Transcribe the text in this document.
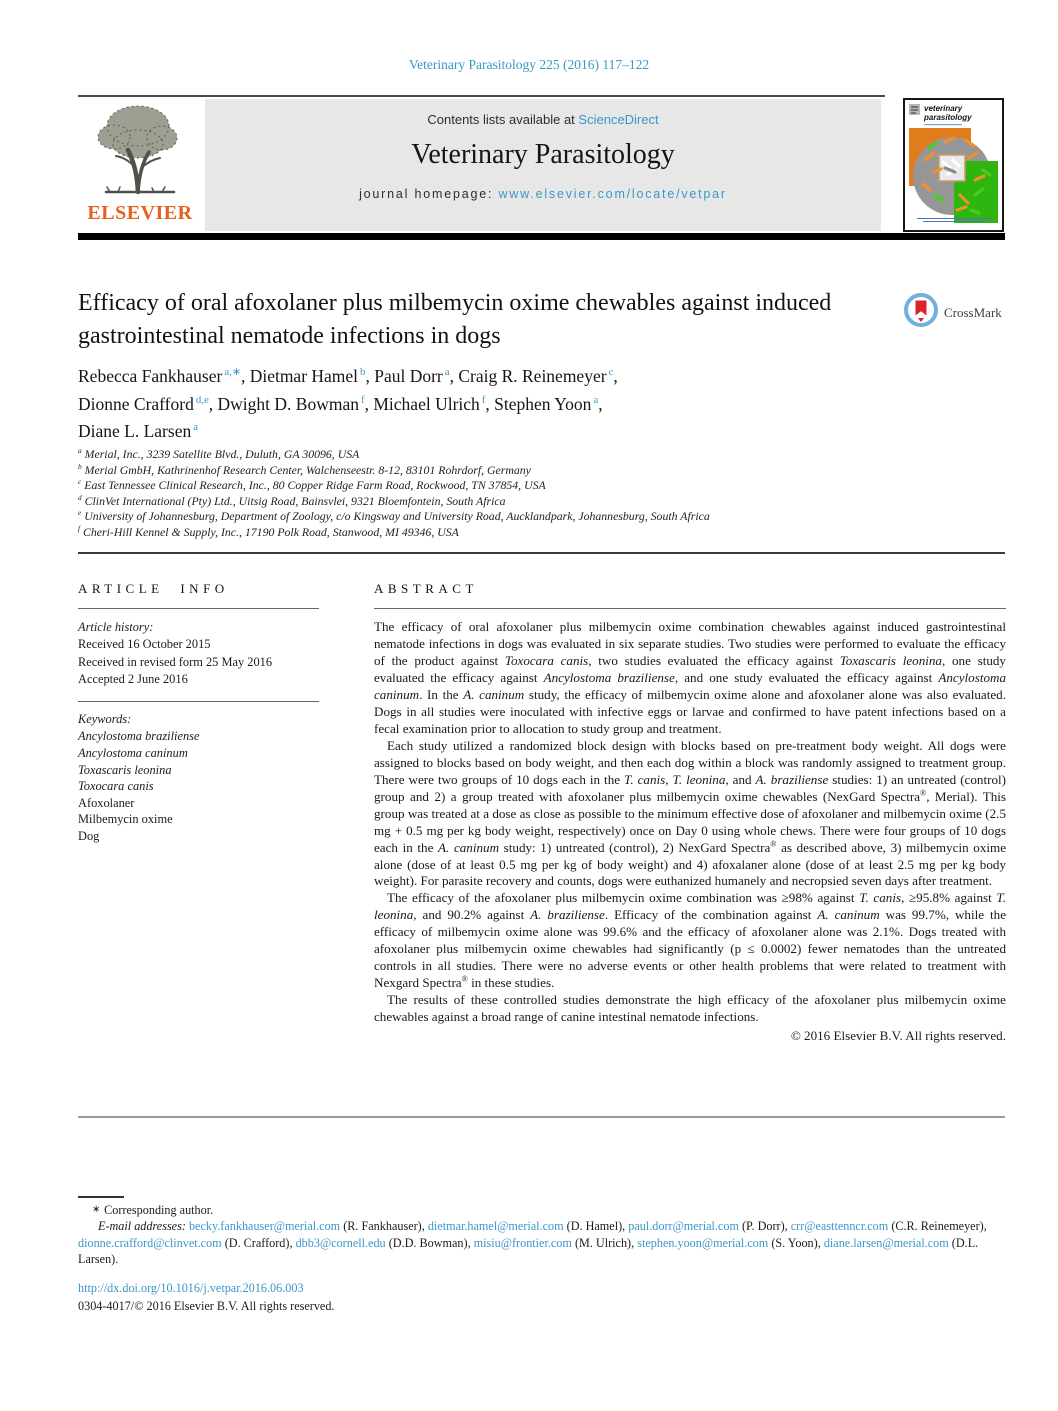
Veterinary Parasitology 225 (2016) 117–122
ELSEVIER
Contents lists available at ScienceDirect
Veterinary Parasitology
journal homepage: www.elsevier.com/locate/vetpar
veterinary
parasitology
Efficacy of oral afoxolaner plus milbemycin oxime chewables against induced gastrointestinal nematode infections in dogs
CrossMark
Rebecca Fankhauser $^{a,∗}$, Dietmar Hamel $^b$, Paul Dorr $^a$, Craig R. Reinemeyer $^c$,
Dionne Crafford $^{d,e}$, Dwight D. Bowman $^f$, Michael Ulrich $^f$, Stephen Yoon $^a$,
Diane L. Larsen $^a$
$^a$ Merial, Inc., 3239 Satellite Blvd., Duluth, GA 30096, USA
$^b$ Merial GmbH, Kathrinenhof Research Center, Walchenseestr. 8-12, 83101 Rohrdorf, Germany
$^c$ East Tennessee Clinical Research, Inc., 80 Copper Ridge Farm Road, Rockwood, TN 37854, USA
$^d$ ClinVet International (Pty) Ltd., Uitsig Road, Bainsvlei, 9321 Bloemfontein, South Africa
$^e$ University of Johannesburg, Department of Zoology, c/o Kingsway and University Road, Aucklandpark, Johannesburg, South Africa
$^f$ Cheri-Hill Kennel & Supply, Inc., 17190 Polk Road, Stanwood, MI 49346, USA
ARTICLE INFO
Article history:
Received 16 October 2015
Received in revised form 25 May 2016
Accepted 2 June 2016
Keywords:
Ancylostoma braziliense
Ancylostoma caninum
Toxascaris leonina
Toxocara canis
Afoxolaner
Milbemycin oxime
Dog
ABSTRACT

The efficacy of oral afoxolaner plus milbemycin oxime combination chewables against induced gastrointestinal nematode infections in dogs was evaluated in six separate studies. Two studies were performed to evaluate the efficacy of the product against Toxocara canis, two studies evaluated the efficacy against Toxascaris leonina, one study evaluated the efficacy against Ancylostoma braziliense, and one study evaluated the efficacy against Ancylostoma caninum. In the A. caninum study, the efficacy of milbemycin oxime alone and afoxolaner alone was also evaluated. Dogs in all studies were inoculated with infective eggs or larvae and confirmed to have patent infections based on a fecal examination prior to allocation to study group and treatment.

Each study utilized a randomized block design with blocks based on pre-treatment body weight. All dogs were assigned to blocks based on body weight, and then each dog within a block was randomly assigned to treatment group. There were two groups of 10 dogs each in the T. canis, T. leonina, and A. braziliense studies: 1) an untreated (control) group and 2) a group treated with afoxolaner plus milbemycin oxime chewables (NexGard Spectra®, Merial). This group was treated at a dose as close as possible to the minimum effective dose of afoxolaner and milbemycin oxime (2.5 mg + 0.5 mg per kg body weight, respectively) once on Day 0 using whole chews. There were four groups of 10 dogs each in the A. caninum study: 1) untreated (control), 2) NexGard Spectra® as described above, 3) milbemycin oxime alone (dose of at least 0.5 mg per kg of body weight) and 4) afoxalaner alone (dose of at least 2.5 mg per kg body weight). For parasite recovery and counts, dogs were euthanized humanely and necropsied seven days after treatment.

The efficacy of the afoxolaner plus milbemycin oxime combination was ≥98% against T. canis, ≥95.8% against T. leonina, and 90.2% against A. braziliense. Efficacy of the combination against A. caninum was 99.7%, while the efficacy of milbemycin oxime alone was 99.6% and the efficacy of afoxolaner alone was 2.1%. Dogs treated with afoxolaner plus milbemycin oxime chewables had significantly (p ≤ 0.0002) fewer nematodes than the untreated controls in all studies. There were no adverse events or other health problems that were related to treatment with Nexgard Spectra® in these studies.

The results of these controlled studies demonstrate the high efficacy of the afoxolaner plus milbemycin oxime chewables against a broad range of canine intestinal nematode infections.

© 2016 Elsevier B.V. All rights reserved.

∗ Corresponding author.

E-mail addresses: becky.fankhauser@merial.com (R. Fankhauser), dietmar.hamel@merial.com (D. Hamel), paul.dorr@merial.com (P. Dorr), crr@easttenncr.com (C.R. Reinemeyer), dionne.crafford@clinvet.com (D. Crafford), dbb3@cornell.edu (D.D. Bowman), misiu@frontier.com (M. Ulrich), stephen.yoon@merial.com (S. Yoon), diane.larsen@merial.com (D.L. Larsen).

http://dx.doi.org/10.1016/j.vetpar.2016.06.003
0304-4017/© 2016 Elsevier B.V. All rights reserved.
